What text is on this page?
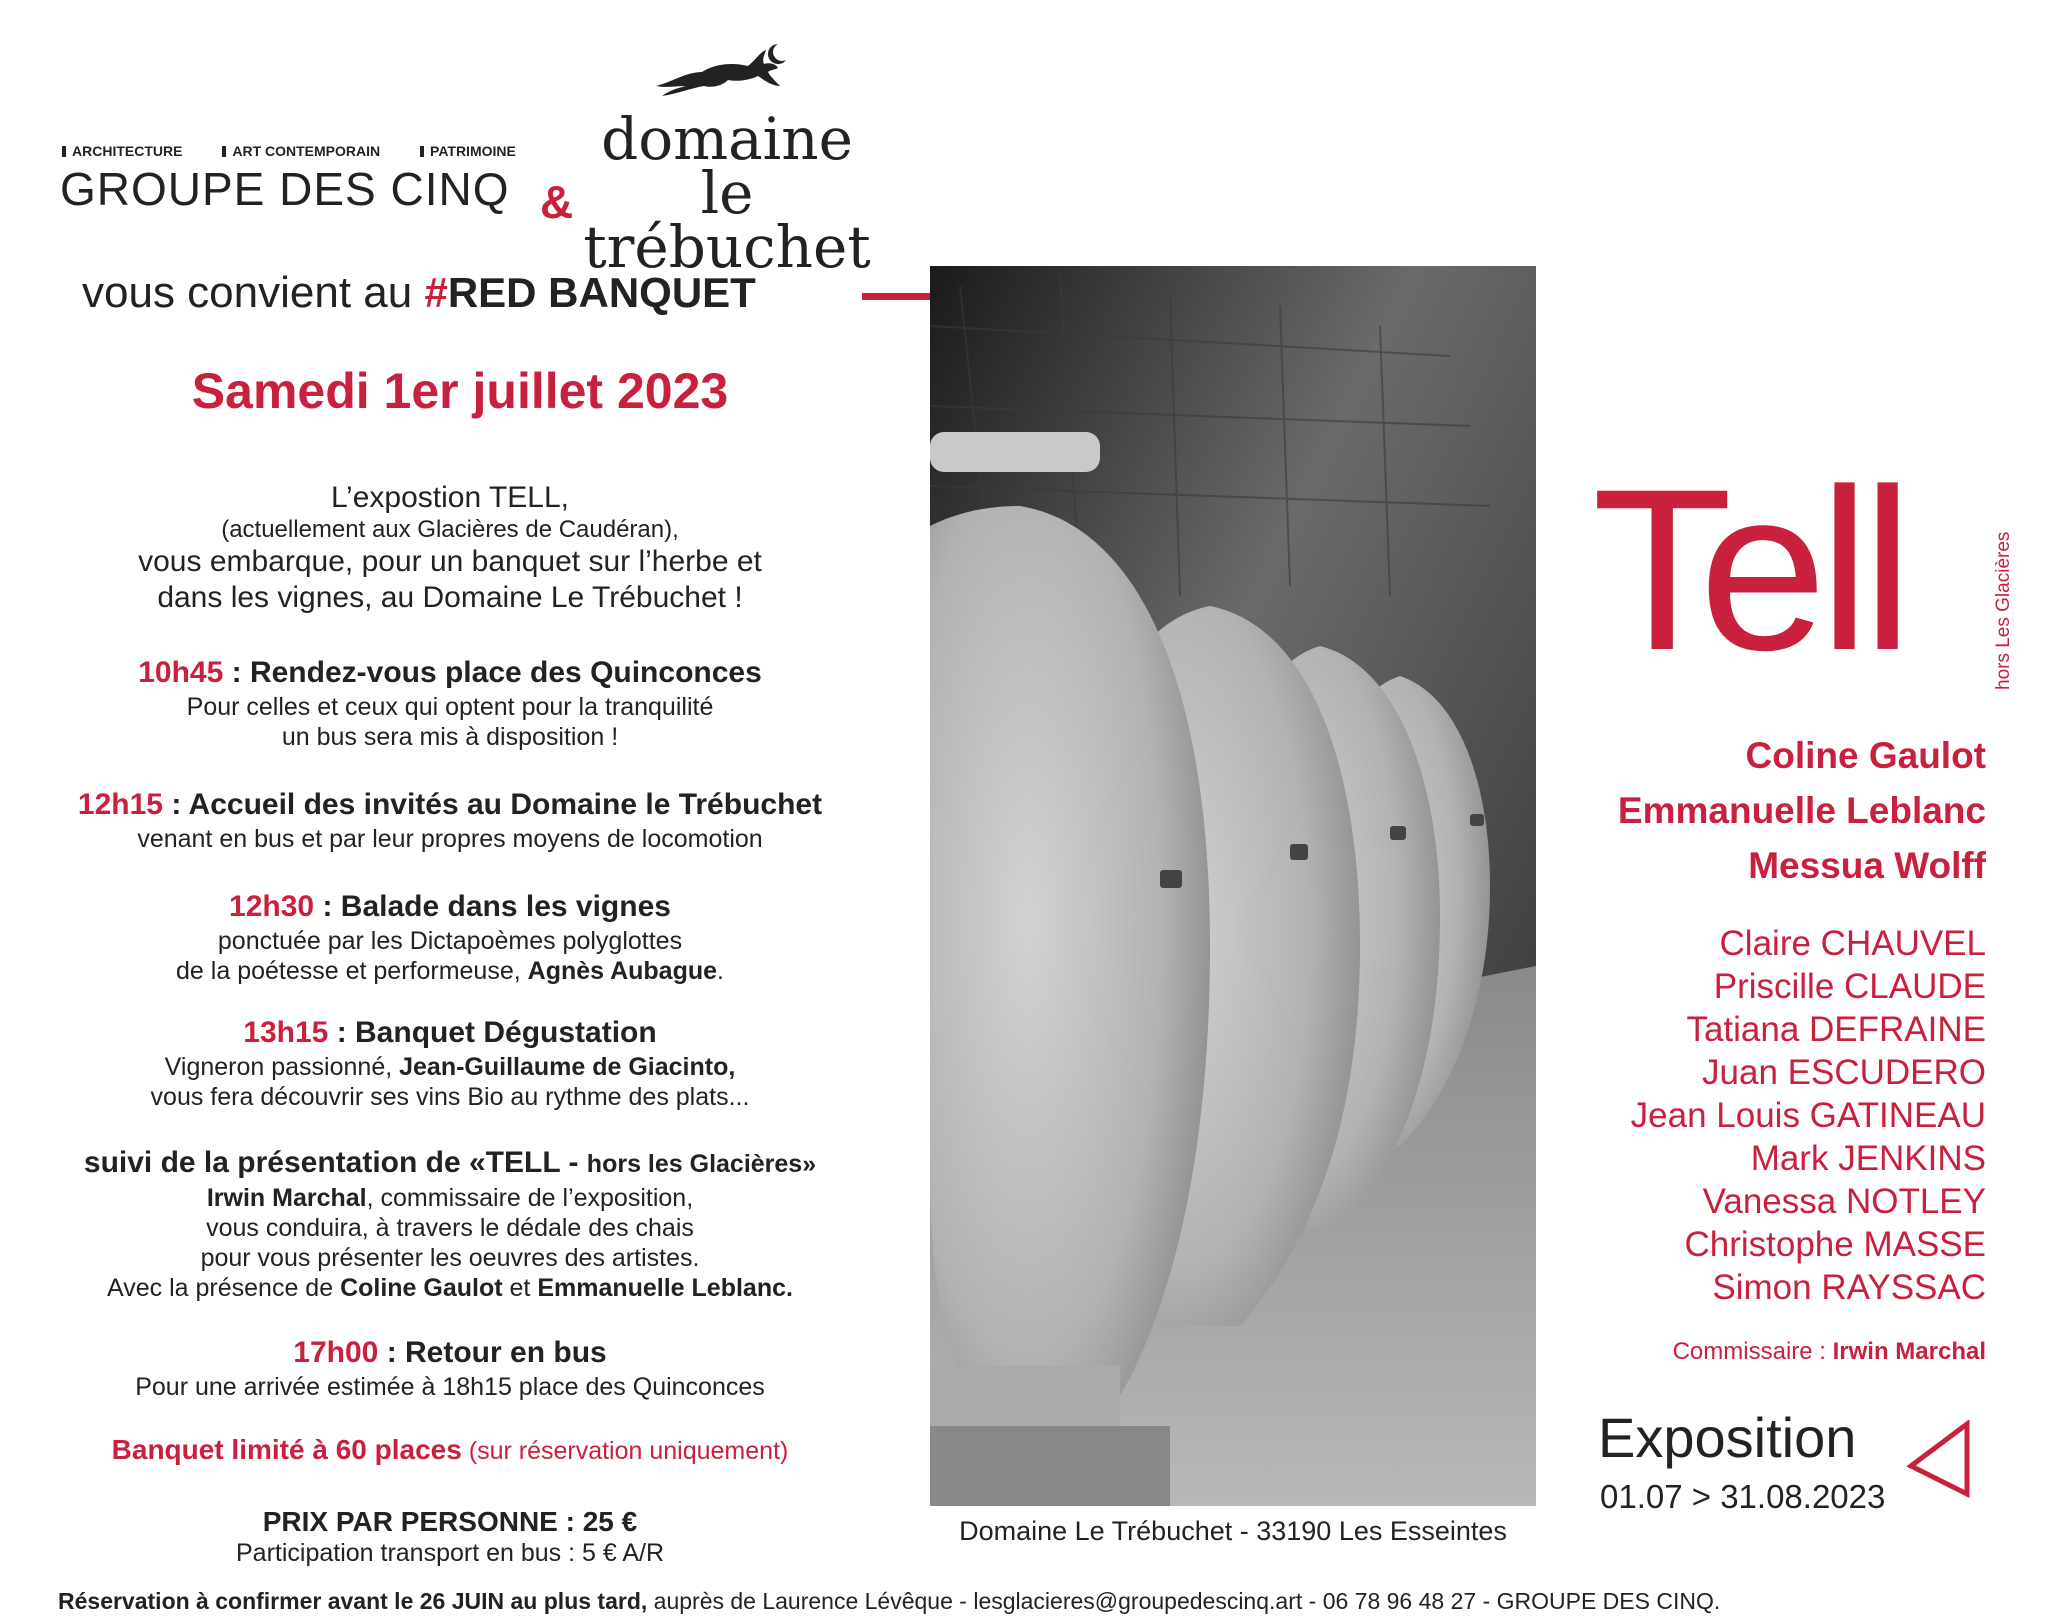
ARCHITECTURE	ART CONTEMPORAIN	PATRIMOINE
GROUPE DES CINQ &
domaine le
trébuchet
vous convient au #RED BANQUET
Samedi 1er juillet 2023
L’expostion TELL,
(actuellement aux Glacières de Caudéran),
vous embarque, pour un banquet sur l’herbe et
dans les vignes, au Domaine Le Trébuchet !
10h45 : Rendez-vous place des Quinconces
Pour celles et ceux qui optent pour la tranquilité
un bus sera mis à disposition !
12h15 : Accueil des invités au Domaine le Trébuchet
venant en bus et par leur propres moyens de locomotion
12h30 : Balade dans les vignes
ponctuée par les Dictapoèmes polyglottes
de la poétesse et performeuse, Agnès Aubague.
13h15 : Banquet Dégustation
Vigneron passionné, Jean-Guillaume de Giacinto,
vous fera découvrir ses vins Bio au rythme des plats...
suivi de la présentation de «TELL - hors les Glacières»
Irwin Marchal, commissaire de l’exposition,
vous conduira, à travers le dédale des chais
pour vous présenter les oeuvres des artistes.
Avec la présence de Coline Gaulot et Emmanuelle Leblanc.
17h00 : Retour en bus
Pour une arrivée estimée à 18h15 place des Quinconces
Banquet limité à 60 places (sur réservation uniquement)
PRIX PAR PERSONNE : 25 €
Participation transport en bus : 5 € A/R
Domaine Le Trébuchet - 33190 Les Esseintes
Tell	hors Les Glacières
Coline Gaulot
Emmanuelle Leblanc
Messua Wolff
Claire CHAUVEL
Priscille CLAUDE
Tatiana DEFRAINE
Juan ESCUDERO
Jean Louis GATINEAU
Mark JENKINS
Vanessa NOTLEY
Christophe MASSE
Simon RAYSSAC
Commissaire : Irwin Marchal
Exposition
01.07 > 31.08.2023
Réservation à confirmer avant le 26 JUIN au plus tard, auprès de Laurence Lévêque - lesglacieres@groupedescinq.art - 06 78 96 48 27 - GROUPE DES CINQ.
